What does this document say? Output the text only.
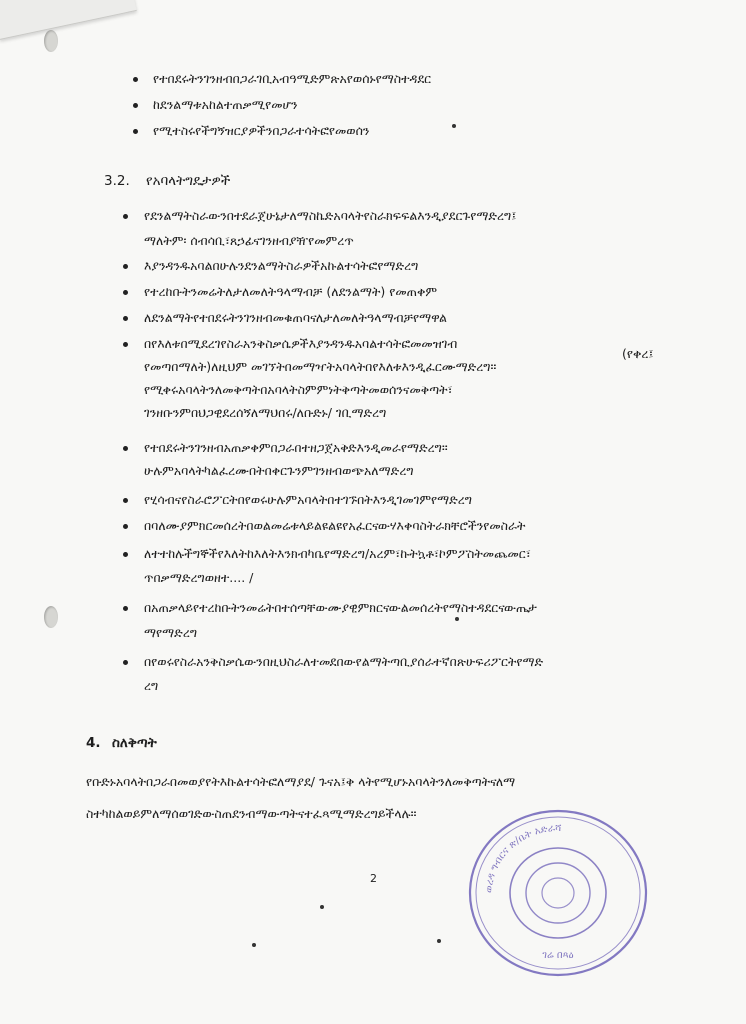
የተበደሩትንገንዘብበጋራገቢአብዓሚድምጽአየወሰኑየማስተዳደር
ከደንልማቱአከልተጠቃሚየመሆን
የሚተስሩየችግኝዝርያዎችንበጋራተሳትፎየመወሰን
3.2. የአባላትግዴታዎች
የደንልማትስራውንበተደራጀሁኔታለማስኬድአባላትየስራክፍፍልእንዲያደርጉየማድረግ፤
ማለትም፡ ሰብሳቢ፣ጸኃፊናገንዘብያዥየመምረጥ
እያንዳንዱአባልበሁሉንደንልማትስራዎችአኩልተሳትፎየማድረግ
የተረከቡትንመሬትለታለመለትዓላማብቻ (ለደንልማት) የመጠቀም
ለደንልማትየተበደሩትንገንዘብመቁጠባናለታለመለትዓላማብቻየማዋል
በየእለቱበሚደረገየስራአንቅስቃሴዎችእያንዳንዱአባልተሳትፎመመዝገብ
(የቀረ፤
የመጣበማለት)ለዚህም መገኘትበመማዣትአባላትበየእለቱእንዲፈርሙማድረግ።
የሚቀሩአባላትንለመቅጣትበአባላትስምምነትቅጣትመወሰንናመቅጣት፣
ገንዘቡንምበህጋዊደረሰኝለማህበሩ/ለቡድኑ/ ገቢማድረግ
የተበደሩትንገንዘብአጠቃቀምበጋራበተዘጋጀአቅድእንዲመራየማድረግ።
ሁሉምአባላትካልፈረሙበትበቀርጉንምገንዘብወጭአለማድረግ
የሂሳብናየስራሮፖርትበየወሩሁሉምአባላትበተገኙበትእንዲገመገምየማድረግ
በባለሙያምክርመሰረትበወልመሬቱላይልዩልዩየአፈርናውሃእቀባስትራክቸሮችንየመስራት
ለተተከሉችግኞችየእለትከእለትእንክብካቤየማድረግ/አረም፣ኩትኳቶ፣ኮምፖስትመጨመር፣
ጥበቃማድረግወዘተ.... /
በአጠቃላይየተረከቡትንመሬትበተሰጣቸውሙያዊምክርናውልመሰረትየማስተዳደርናውጤታ
ማየማድረግ
በየወሩየስራአንቅስቃሴውንበዚህስራለተመደበውየልማትጣቢያሰራተኛበጽሁፍሪፖርትየማድ
ረግ
4. ስለቅጣት
የቡድኑአባላትበጋራበመወያየትእኩልተሳትፎለማያደ/ ጉናአ፤ቅ ላትየሚሆኑአባላትንለመቅጣትናለማ
ስተካከልወይምለማሰወገድውስጠደንብማውጣትናተፈጻሚማድረግይችላሉ።
2
ወረዳ ግብርና ጽ/ቤት አድራሻ
ገሬ በጻዕ
